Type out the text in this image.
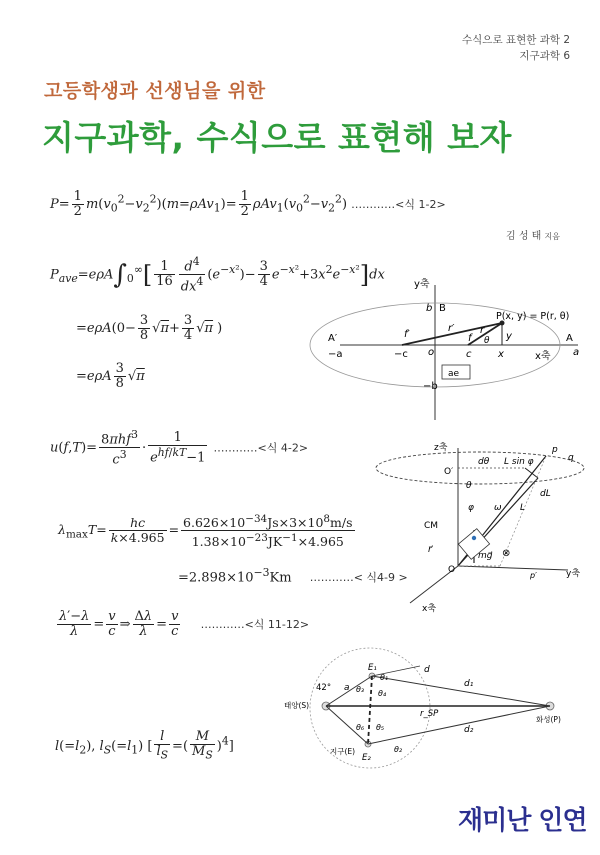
수식으로 표현한 과학 2
지구과학 6
고등학생과 선생님을 위한
지구과학, 수식으로 표현해 보자
김 성 태 지음
$P= \frac{1}{2} m(v_0^2-v_2^2)(m=\rho Av_1)= \frac{1}{2} \rho Av_1(v_0^2-v_2^2)$ …………<식 1-2>
$P_{ave}=e\rho A\int_0^\infty[ \frac{1}{16} \frac{d^4}{dx^4} (e^{-x^2})- \frac{3}{4} e^{-x^2}+3x^2e^{-x^2}]dx$
$=e\rho A(0- \frac{3}{8} √\pi+ \frac{3}{4} √\pi$ )
$=e\rho A \frac{3}{8} √\pi$
$u(f,T)= \frac{8\pi hf^3}{c^3} \cdot \frac{1}{e^{hf/kT}-1}$ …………<식 4-2>
$\lambda_{max}T= \frac{hc}{k\times 4.965} = \frac{6.626\times 10^{-34}Js\times 3\times 10^8m/s}{1.38\times 10^{-23}JK^{-1}\times 4.965}$
$=2.898\times 10^{-3}Km$ …………< 식4-9 >
$\frac{\lambda'-\lambda}{\lambda} = \frac{v}{c}$ ⇒ $\frac{\Delta\lambda}{\lambda} = \frac{v}{c}$ …………<식 11-12>
$l(=l_2)$, $l_S(=l_1)$ [ $\frac{l}{l_S}$ =( $\frac{M}{M_S} )^4$]
y축
x축
P(x, y) = P(r, θ)
b B
A′	A
−a	a
−c	c
o	x
y
f′	f
r′	r
θ
−b
ae
z축
y축
x축
O′
dθ L sin φ
p
q
θ
φ ω
dL
L
CM
r⃗
mg⃗ ⊗
O
p′
42° a
E₁
E₂
θ₁
θ₂
θ₃ θ₄
θ₅
θ₆
d
d₁
d₂
r_SP
태양(S)
지구(E)
화성(P)
재미난 인연
